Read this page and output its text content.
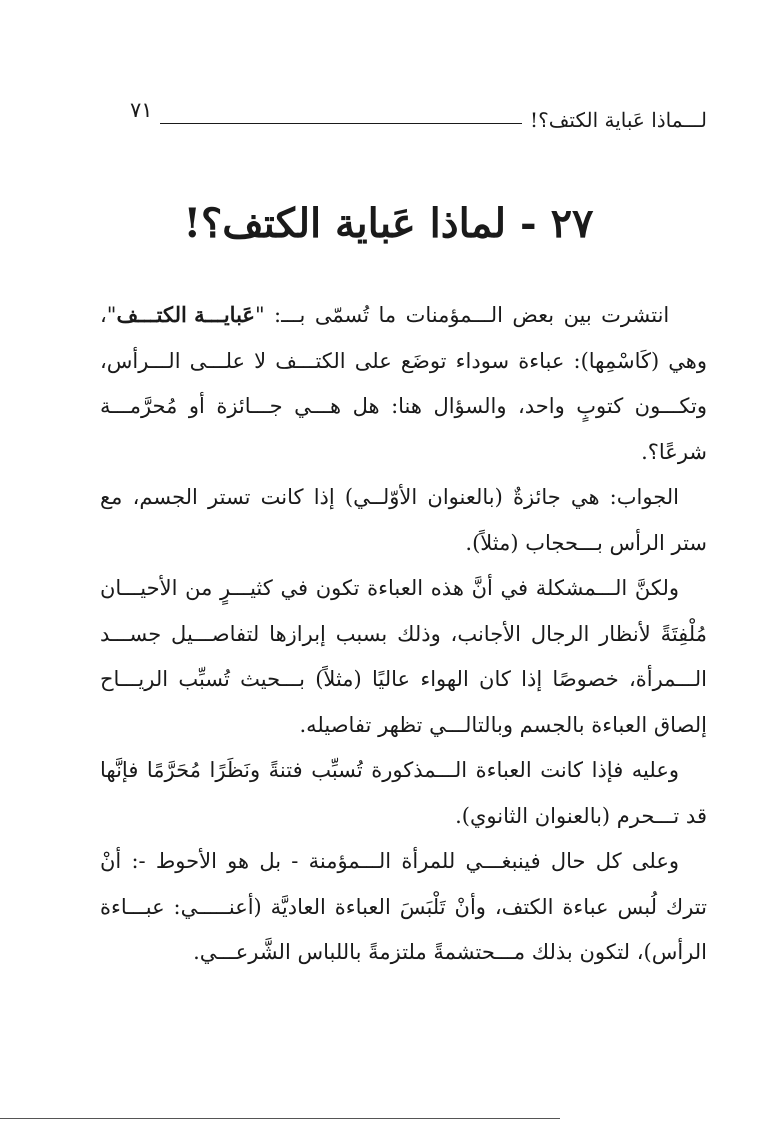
لـــماذا عَباية الكتف؟!
٧١
٢٧ - لماذا عَباية الكتف؟!

انتشرت بين بعض الـــمؤمنات ما تُسمّى بـــ: "عَبايـــة الكتـــف"، وهي (كَاسْمِها): عباءة سوداء توضَع على الكتـــف لا علـــى الـــرأس، وتكـــون كتوبٍ واحد، والسؤال هنا: هل هـــي جـــائزة أو مُحرَّمـــة شرعًا؟.

الجواب: هي جائزةٌ (بالعنوان الأوّلــي) إذا كانت تستر الجسم، مع ستر الرأس بـــحجاب (مثلاً).

ولكنَّ الـــمشكلة في أنَّ هذه العباءة تكون في كثيـــرٍ من الأحيـــان مُلْفِتَةً لأنظار الرجال الأجانب، وذلك بسبب إبرازها لتفاصـــيل جســـد الـــمرأة، خصوصًا إذا كان الهواء عاليًا (مثلاً) بـــحيث تُسبِّب الريـــاح إلصاق العباءة بالجسم وبالتالـــي تظهر تفاصيله.

وعليه فإذا كانت العباءة الـــمذكورة تُسبِّب فتنةً ونَظَرًا مُحَرَّمًا فإنَّها قد تـــحرم (بالعنوان الثانوي).

وعلى كل حال فينبغـــي للمرأة الـــمؤمنة - بل هو الأحوط -: أنْ تترك لُبس عباءة الكتف، وأنْ تَلْبَسَ العباءة العاديَّة (أعنـــــي: عبـــاءة الرأس)، لتكون بذلك مـــحتشمةً ملتزمةً باللباس الشَّرعـــي.
